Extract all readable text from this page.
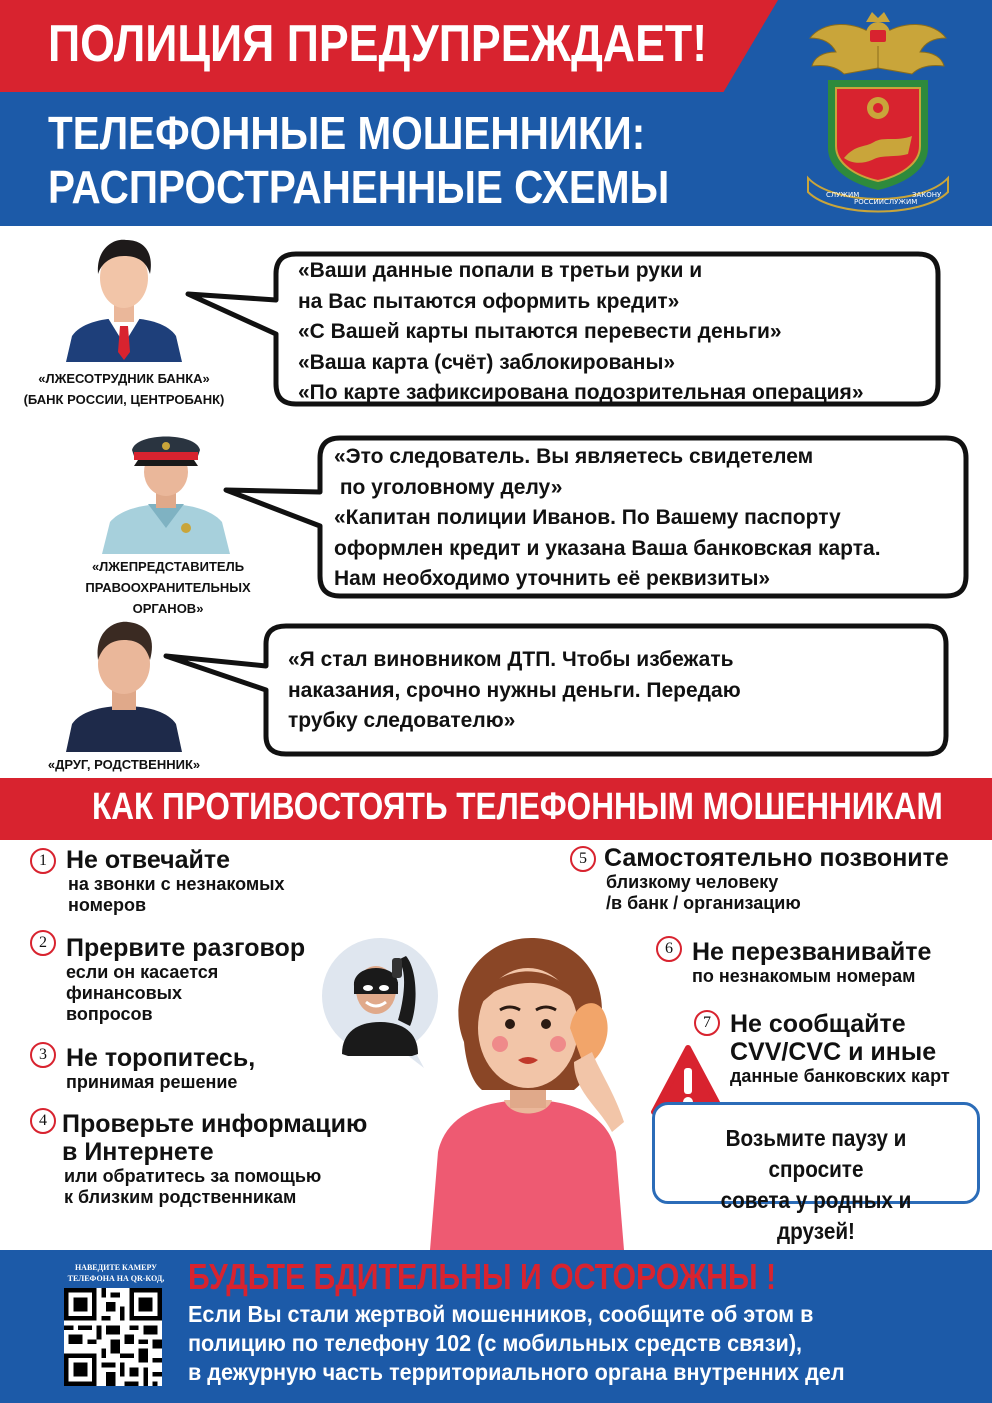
ПОЛИЦИЯ ПРЕДУПРЕЖДАЕТ!
ТЕЛЕФОННЫЕ МОШЕННИКИ:
РАСПРОСТРАНЕННЫЕ СХЕМЫ	СЛУЖИМ
РОССИИ СЛУЖИМ
ЗАКОНУ
«ЛЖЕСОТРУДНИК БАНКА»
(БАНК РОССИИ, ЦЕНТРОБАНК)
«Ваши данные попали в третьи руки и
на Вас пытаются оформить кредит»
«С Вашей карты пытаются перевести деньги»
«Ваша карта (счёт) заблокированы»
«По карте зафиксирована подозрительная операция»
«ЛЖЕПРЕДСТАВИТЕЛЬ
ПРАВООХРАНИТЕЛЬНЫХ
ОРГАНОВ»
«Это следователь. Вы являетесь свидетелем
по уголовному делу»
«Капитан полиции Иванов. По Вашему паспорту
оформлен кредит и указана Ваша банковская карта.
Нам необходимо уточнить её реквизиты»
«ДРУГ, РОДСТВЕННИК»
«Я стал виновником ДТП. Чтобы избежать
наказания, срочно нужны деньги. Передаю
трубку следователю»
КАК ПРОТИВОСТОЯТЬ ТЕЛЕФОННЫМ МОШЕННИКАМ
1 Не отвечайте
на звонки с незнакомых
номеров
2 Прервите разговор
если он касается
финансовых
вопросов
3 Не торопитесь,
принимая решение
4 Проверьте информацию
в Интернете
или обратитесь за помощью
к близким родственникам
5 Самостоятельно позвоните
близкому человеку
/в банк / организацию
6 Не перезванивайте
по незнакомым номерам
7 Не сообщайте
CVV/CVC и иные
данные банковских карт
Возьмите паузу и спросите
совета у родных и друзей!
НАВЕДИТЕ КАМЕРУ
ТЕЛЕФОНА НА QR-КОД, БУДЬТЕ БДИТЕЛЬНЫ И ОСТОРОЖНЫ !
Если Вы стали жертвой мошенников, сообщите об этом в
полицию по телефону 102 (с мобильных средств связи),
в дежурную часть территориального органа внутренних дел
